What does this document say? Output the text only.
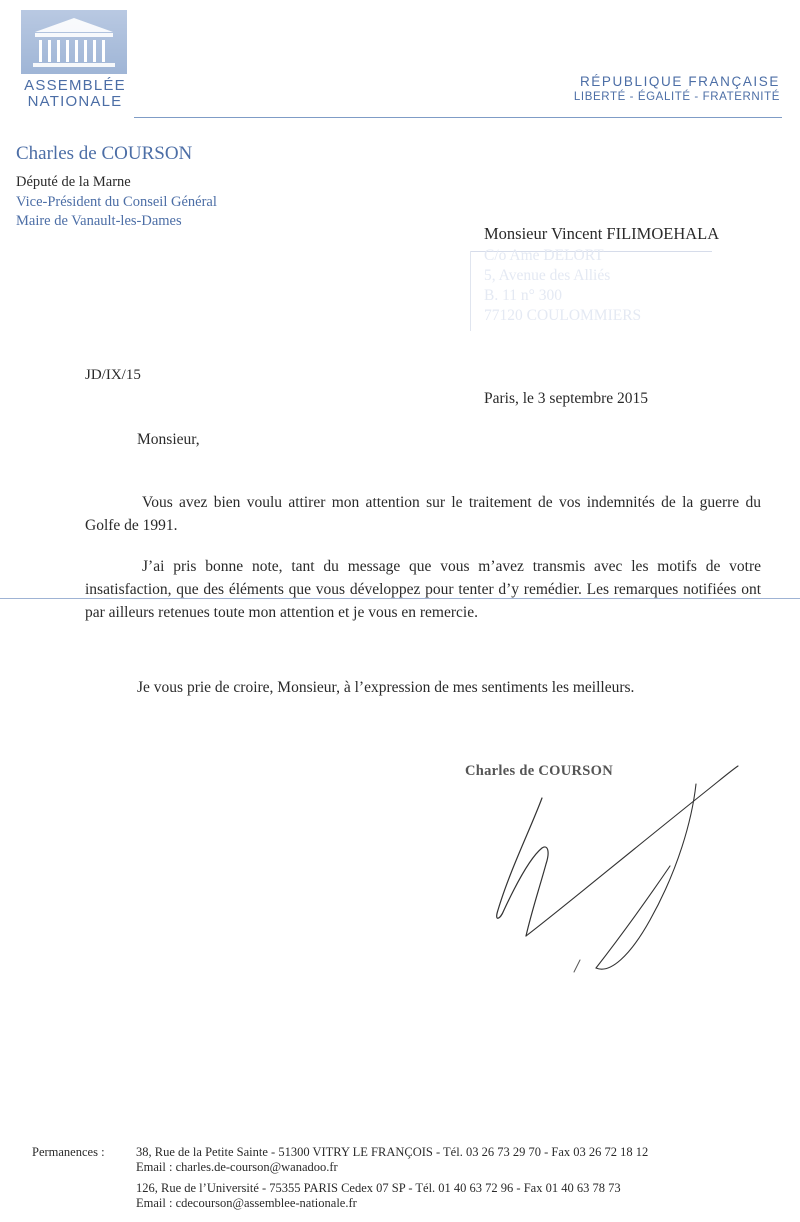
ASSEMBLÉE
NATIONALE
RÉPUBLIQUE FRANÇAISE
LIBERTÉ - ÉGALITÉ - FRATERNITÉ
Charles de COURSON
Député de la Marne
Vice-Président du Conseil Général
Maire de Vanault-les-Dames
Monsieur Vincent FILIMOEHALA
C/o Ame DELORT
5, Avenue des Alliés
B. 11 n° 300
77120 COULOMMIERS
JD/IX/15
Paris, le 3 septembre 2015
Monsieur,
Vous avez bien voulu attirer mon attention sur le traitement de vos indemnités de la guerre du Golfe de 1991.
J’ai pris bonne note, tant du message que vous m’avez transmis avec les motifs de votre insatisfaction, que des éléments que vous développez pour tenter d’y remédier. Les remarques notifiées ont par ailleurs retenues toute mon attention et je vous en remercie.
Je vous prie de croire, Monsieur, à l’expression de mes sentiments les meilleurs.
Charles de COURSON
Permanences :	38, Rue de la Petite Sainte - 51300 VITRY LE FRANÇOIS - Tél. 03 26 73 29 70 - Fax 03 26 72 18 12
Email : charles.de-courson@wanadoo.fr
126, Rue de l’Université - 75355 PARIS Cedex 07 SP - Tél. 01 40 63 72 96 - Fax 01 40 63 78 73
Email : cdecourson@assemblee-nationale.fr
